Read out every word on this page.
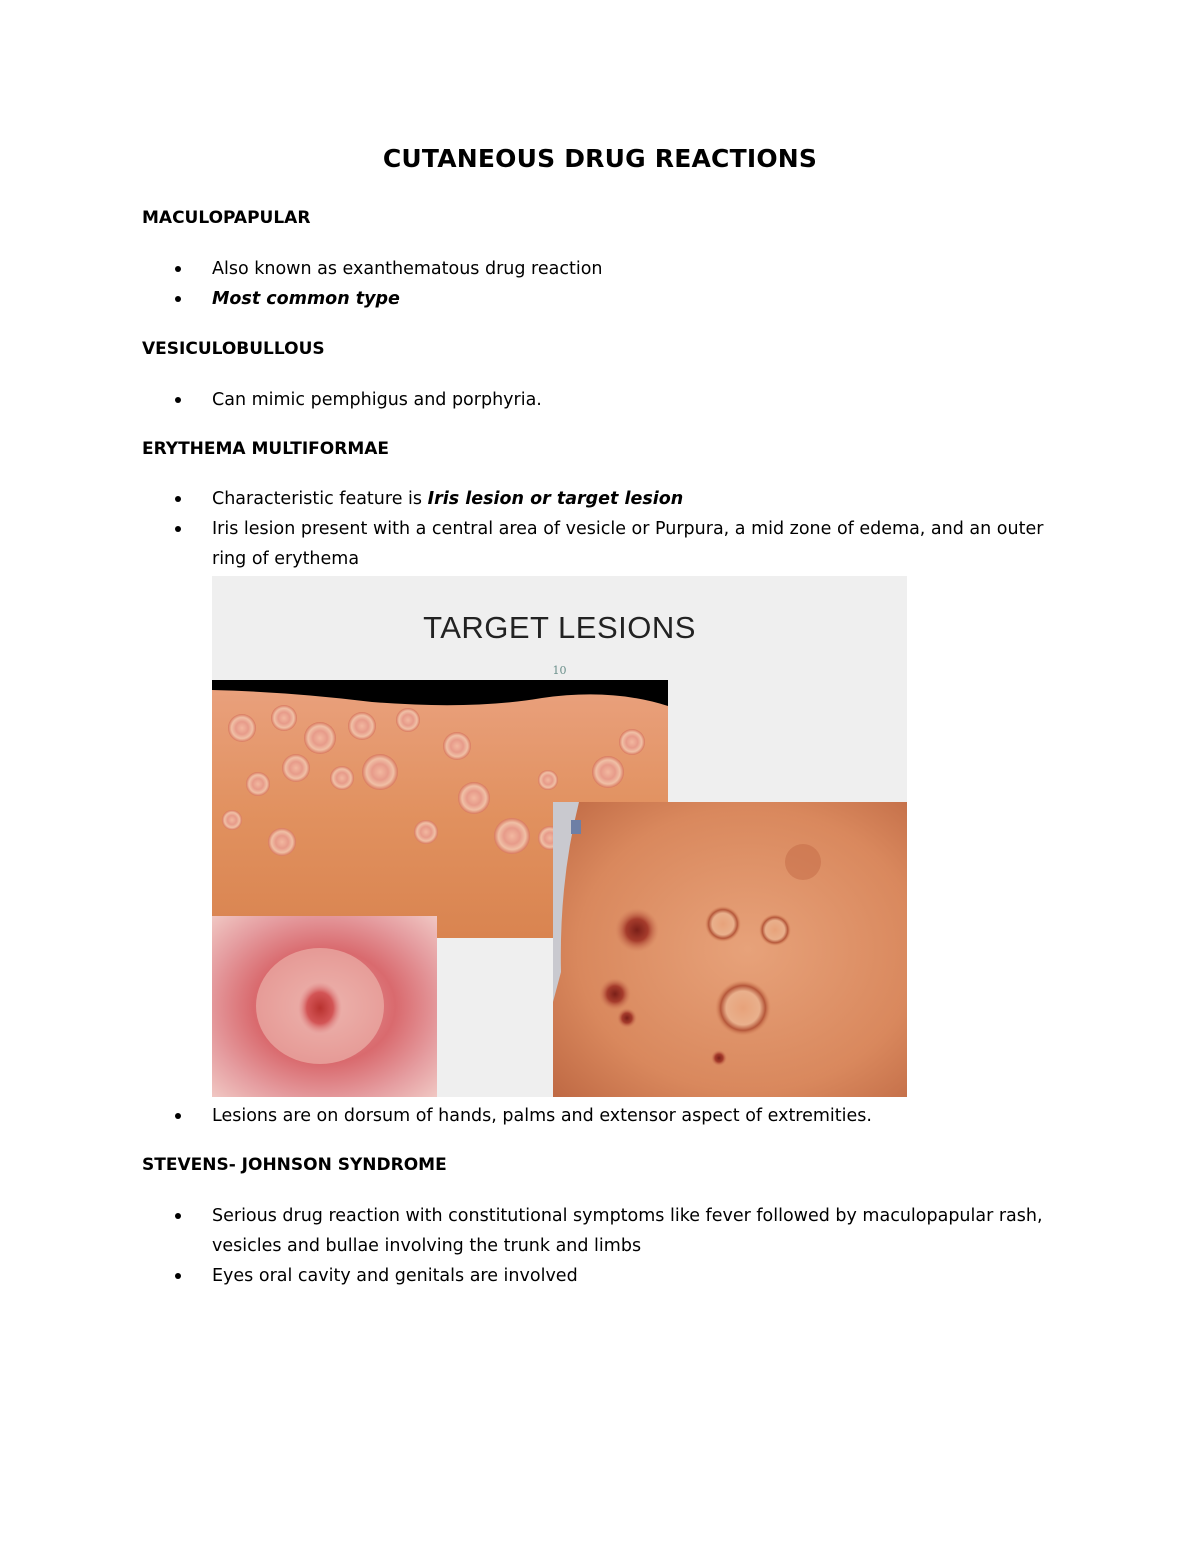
CUTANEOUS DRUG REACTIONS
MACULOPAPULAR
Also known as exanthematous drug reaction
Most common type
VESICULOBULLOUS
Can mimic pemphigus and porphyria.
ERYTHEMA MULTIFORMAE
Characteristic feature is Iris lesion or target lesion
Iris lesion present with a central area of vesicle or Purpura, a mid zone of edema, and an outer ring of erythema
TARGET LESIONS
10
Lesions are on dorsum of hands, palms and extensor aspect of extremities.
STEVENS- JOHNSON SYNDROME
Serious drug reaction with constitutional symptoms like fever followed by maculopapular rash, vesicles and bullae involving the trunk and limbs
Eyes oral cavity and genitals are involved
